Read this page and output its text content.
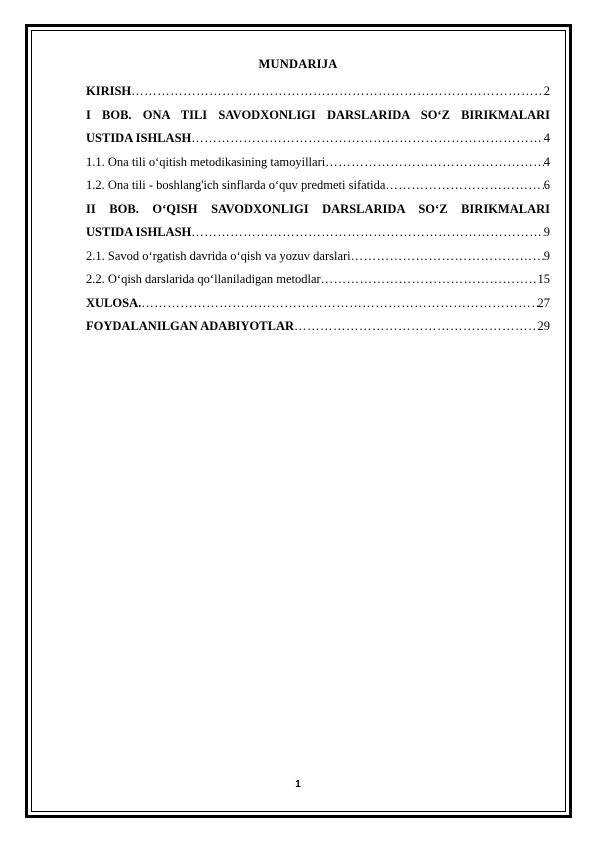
MUNDARIJA
KIRISH ……………………………………………………………………………………………………………………………………………………	2
I BOB. ONA TILI SAVODXONLIGI DARSLARIDA SO‘Z BIRIKMALARI
USTIDA ISHLASH ……………………………………………………………………………………………………………………………………………………	4
1.1. Ona tili o‘qitish metodikasining tamoyillari ……………………………………………………………………………………………………………………………………………………	4
1.2. Ona tili - boshlang'ich sinflarda o‘quv predmeti sifatida ……………………………………………………………………………………………………………………………………………………	6
II BOB. O‘QISH SAVODXONLIGI DARSLARIDA SO‘Z BIRIKMALARI
USTIDA ISHLASH ……………………………………………………………………………………………………………………………………………………	9
2.1. Savod o‘rgatish davrida o‘qish va yozuv darslari ……………………………………………………………………………………………………………………………………………………	9
2.2. O‘qish darslarida qo‘llaniladigan metodlar ……………………………………………………………………………………………………………………………………………………	15
XULOSA. ……………………………………………………………………………………………………………………………………………………	27
FOYDALANILGAN ADABIYOTLAR ……………………………………………………………………………………………………………………………………………………	29
1
